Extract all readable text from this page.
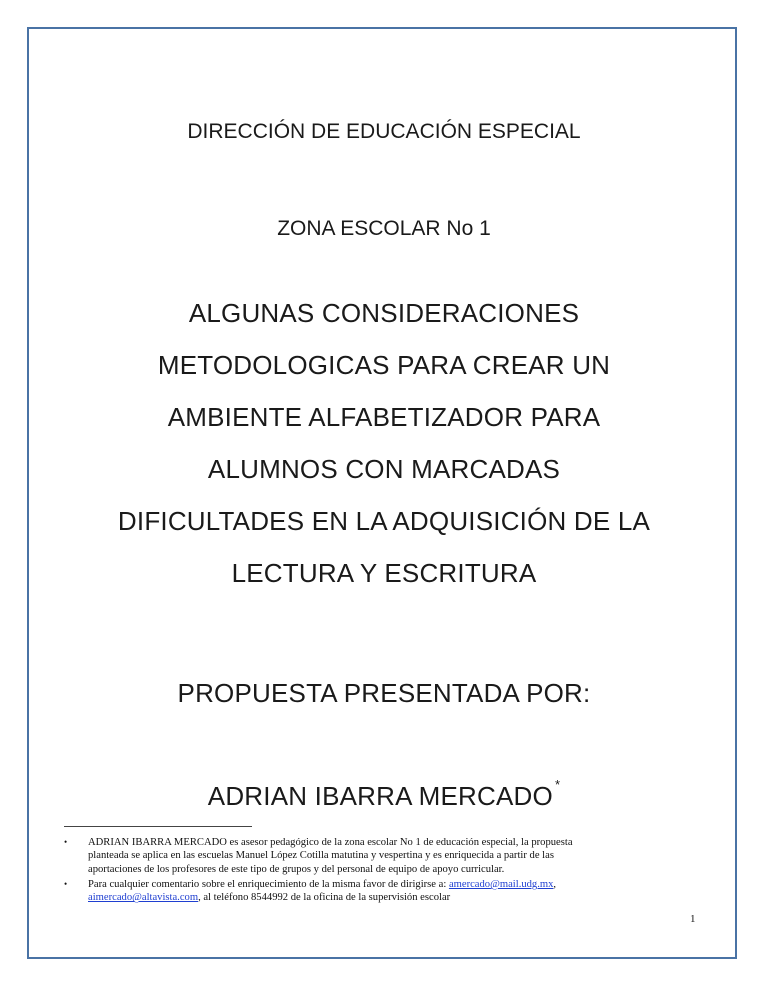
DIRECCIÓN DE EDUCACIÓN ESPECIAL
ZONA ESCOLAR No 1
ALGUNAS CONSIDERACIONES
METODOLOGICAS PARA CREAR UN
AMBIENTE ALFABETIZADOR PARA
ALUMNOS CON MARCADAS
DIFICULTADES EN LA ADQUISICIÓN DE LA
LECTURA Y ESCRITURA
PROPUESTA PRESENTADA POR:
ADRIAN IBARRA MERCADO *
• ADRIAN IBARRA MERCADO es asesor pedagógico de la zona escolar No 1 de educación especial, la propuesta
planteada se aplica en las escuelas Manuel López Cotilla matutina y vespertina y es enriquecida a partir de las
aportaciones de los profesores de este tipo de grupos y del personal de equipo de apoyo curricular.
• Para cualquier comentario sobre el enriquecimiento de la misma favor de dirigirse a: amercado@mail.udg.mx,
aimercado@altavista.com, al teléfono 8544992 de la oficina de la supervisión escolar
1
